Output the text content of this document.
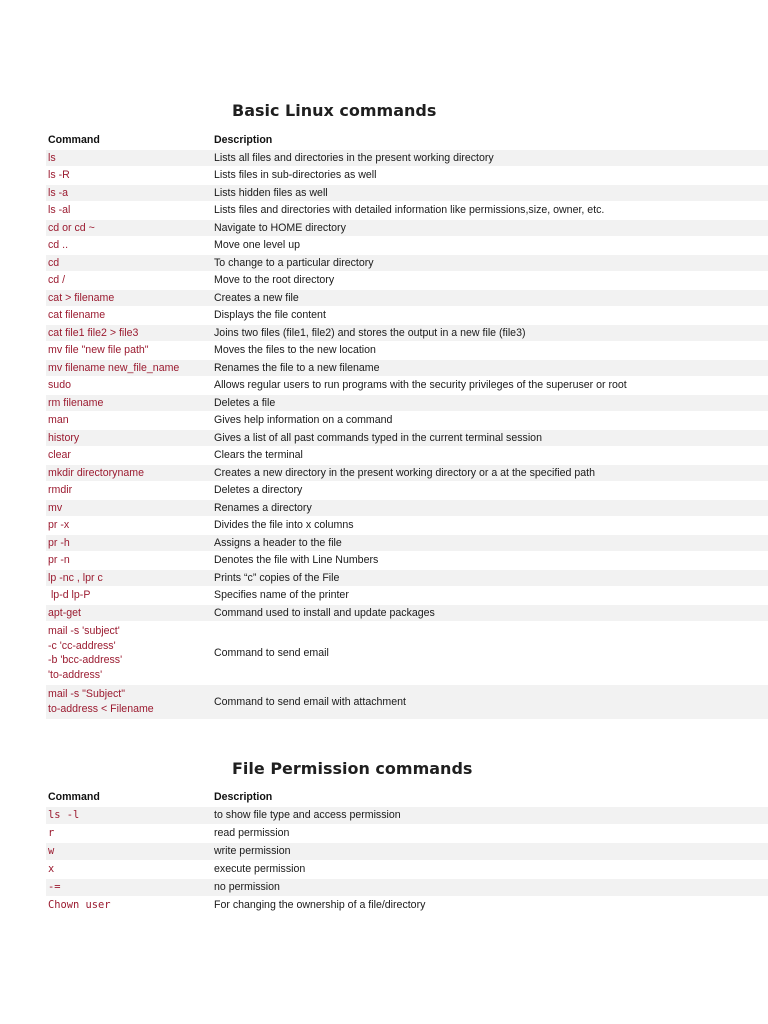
Basic Linux commands
Command	Description
ls	Lists all files and directories in the present working directory
ls -R	Lists files in sub-directories as well
ls -a	Lists hidden files as well
ls -al	Lists files and directories with detailed information like permissions,size, owner, etc.
cd or cd ~	Navigate to HOME directory
cd ..	Move one level up
cd	To change to a particular directory
cd /	Move to the root directory
cat > filename	Creates a new file
cat filename	Displays the file content
cat file1 file2 > file3	Joins two files (file1, file2) and stores the output in a new file (file3)
mv file "new file path"	Moves the files to the new location
mv filename new_file_name	Renames the file to a new filename
sudo	Allows regular users to run programs with the security privileges of the superuser or root
rm filename	Deletes a file
man	Gives help information on a command
history	Gives a list of all past commands typed in the current terminal session
clear	Clears the terminal
mkdir directoryname	Creates a new directory in the present working directory or a at the specified path
rmdir	Deletes a directory
mv	Renames a directory
pr -x	Divides the file into x columns
pr -h	Assigns a header to the file
pr -n	Denotes the file with Line Numbers
lp -nc , lpr c	Prints “c” copies of the File
lp-d lp-P	Specifies name of the printer
apt-get	Command used to install and update packages
mail -s 'subject'
-c 'cc-address'
-b 'bcc-address'
'to-address'	Command to send email
mail -s "Subject"
to-address < Filename	Command to send email with attachment
File Permission commands
Command	Description
ls -l	to show file type and access permission
r	read permission
w	write permission
x	execute permission
-=	no permission
Chown user	For changing the ownership of a file/directory
